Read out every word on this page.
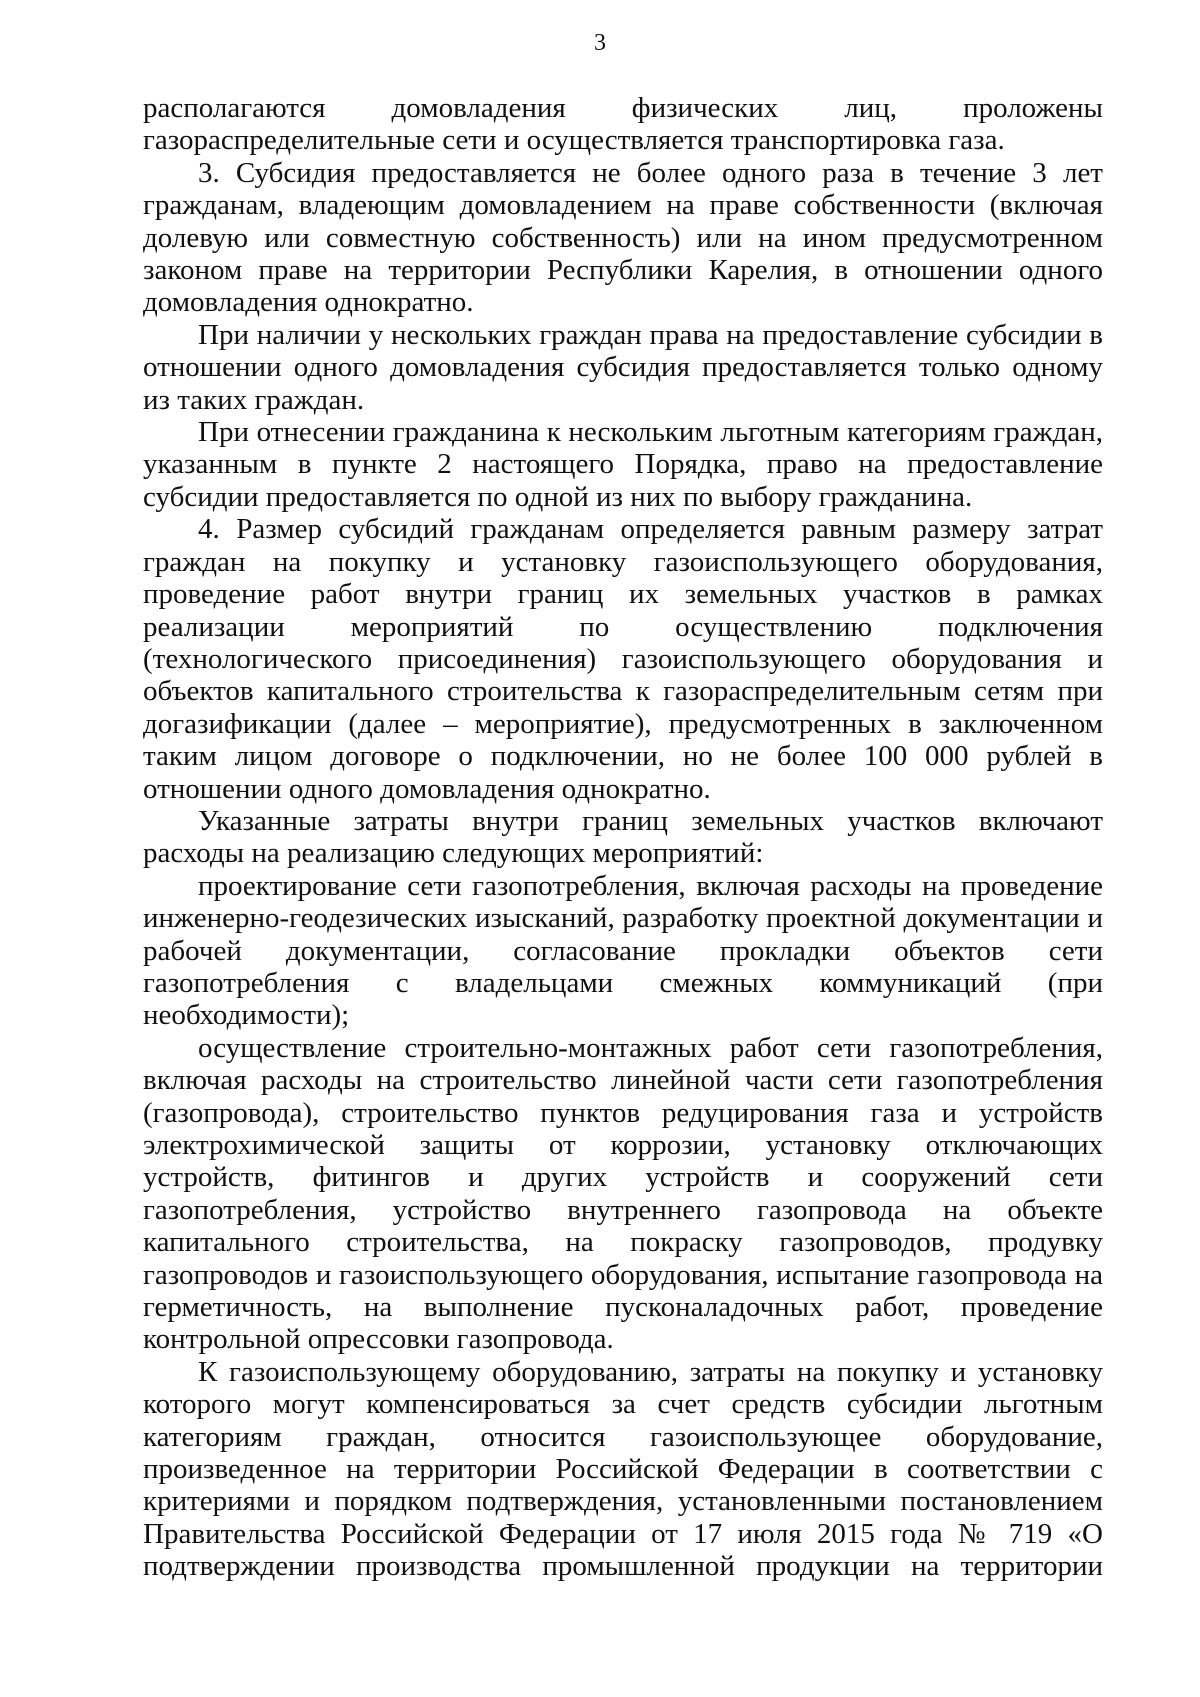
3

располагаются домовладения физических лиц, проложены газораспределительные сети и осуществляется транспортировка газа.

3. Субсидия предоставляется не более одного раза в течение 3 лет гражданам, владеющим домовладением на праве собственности (включая долевую или совместную собственность) или на ином предусмотренном законом праве на территории Республики Карелия, в отношении одного домовладения однократно.

При наличии у нескольких граждан права на предоставление субсидии в отношении одного домовладения субсидия предоставляется только одному из таких граждан.

При отнесении гражданина к нескольким льготным категориям граждан, указанным в пункте 2 настоящего Порядка, право на предоставление субсидии предоставляется по одной из них по выбору гражданина.

4. Размер субсидий гражданам определяется равным размеру затрат граждан на покупку и установку газоиспользующего оборудования, проведение работ внутри границ их земельных участков в рамках реализации мероприятий по осуществлению подключения (технологического присоединения) газоиспользующего оборудования и объектов капитального строительства к газораспределительным сетям при догазификации (далее – мероприятие), предусмотренных в заключенном таким лицом договоре о подключении, но не более 100 000 рублей в отношении одного домовладения однократно.

Указанные затраты внутри границ земельных участков включают расходы на реализацию следующих мероприятий:

проектирование сети газопотребления, включая расходы на проведение инженерно-геодезических изысканий, разработку проектной документации и рабочей документации, согласование прокладки объектов сети газопотребления с владельцами смежных коммуникаций (при необходимости);

осуществление строительно-монтажных работ сети газопотребления, включая расходы на строительство линейной части сети газопотребления (газопровода), строительство пунктов редуцирования газа и устройств электрохимической защиты от коррозии, установку отключающих устройств, фитингов и других устройств и сооружений сети газопотребления, устройство внутреннего газопровода на объекте капитального строительства, на покраску газопроводов, продувку газопроводов и газоиспользующего оборудования, испытание газопровода на герметичность, на выполнение пусконаладочных работ, проведение контрольной опрессовки газопровода.

К газоиспользующему оборудованию, затраты на покупку и установку которого могут компенсироваться за счет средств субсидии льготным категориям граждан, относится газоиспользующее оборудование, произведенное на территории Российской Федерации в соответствии с критериями и порядком подтверждения, установленными постановлением Правительства Российской Федерации от 17 июля 2015 года № 719 «О подтверждении производства промышленной продукции на территории
